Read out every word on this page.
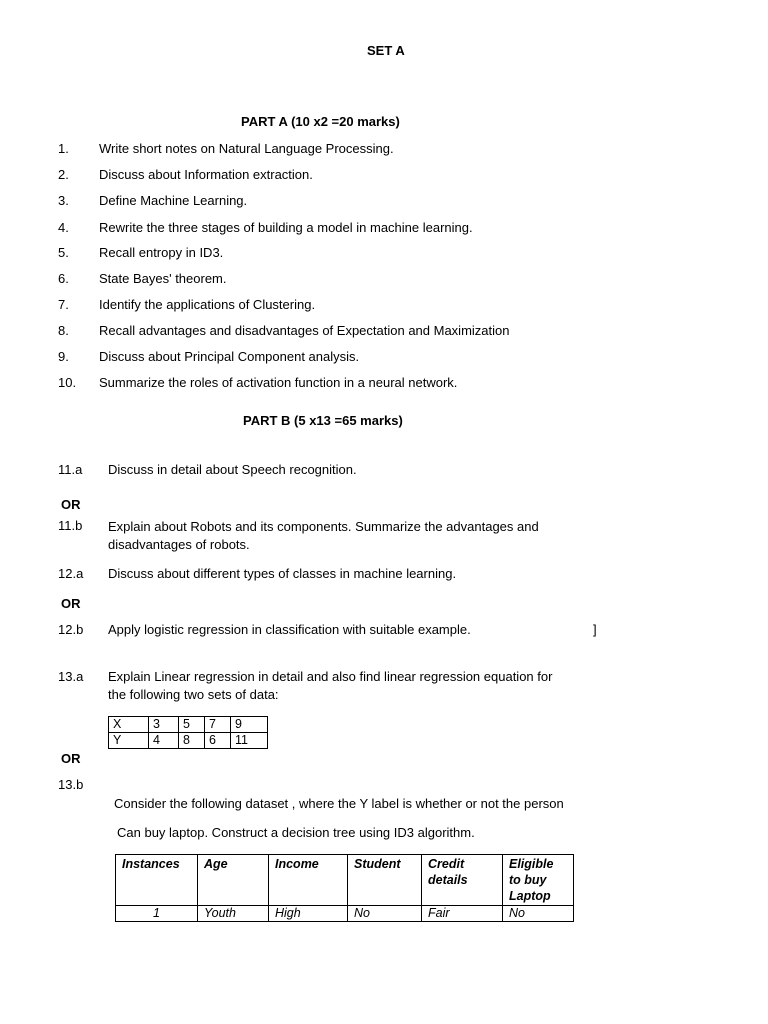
SET A
PART A (10 x2 =20 marks)
1. Write short notes on Natural Language Processing.
2. Discuss about Information extraction.
3. Define Machine Learning.
4. Rewrite the three stages of building a model in machine learning.
5. Recall entropy in ID3.
6. State Bayes' theorem.
7. Identify the applications of Clustering.
8. Recall advantages and disadvantages of Expectation and Maximization
9. Discuss about Principal Component analysis.
10. Summarize the roles of activation function in a neural network.
PART B (5 x13 =65 marks)
11.a Discuss in detail about Speech recognition.
OR
11.b Explain about Robots and its components. Summarize the advantages and disadvantages of robots.
12.a Discuss about different types of classes in machine learning.
OR
12.b Apply logistic regression in classification with suitable example.	]
13.a Explain Linear regression in detail and also find linear regression equation for the following two sets of data:
X	3	5	7	9
Y	4	8	6	11
OR
13.b
Consider the following dataset , where the Y label is whether or not the person
Can buy laptop. Construct a decision tree using ID3 algorithm.
Instances	Age	Income	Student	Credit details	Eligible to buy Laptop
1	Youth	High	No	Fair	No
